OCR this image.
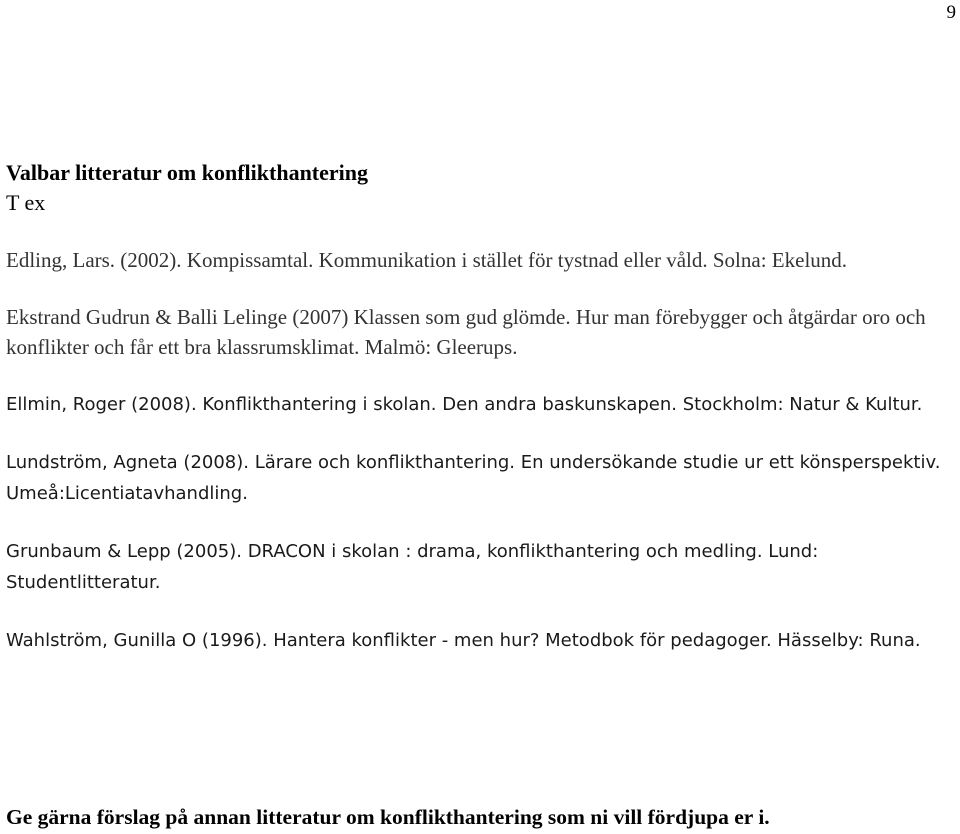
9

Valbar litteratur om konflikthantering

T ex

Edling, Lars. (2002). Kompissamtal. Kommunikation i stället för tystnad eller våld. Solna: Ekelund.

Ekstrand Gudrun & Balli Lelinge (2007) Klassen som gud glömde. Hur man förebygger och åtgärdar oro och konflikter och får ett bra klassrumsklimat. Malmö: Gleerups.

Ellmin, Roger (2008). Konflikthantering i skolan. Den andra baskunskapen. Stockholm: Natur & Kultur.

Lundström, Agneta (2008). Lärare och konflikthantering. En undersökande studie ur ett könsperspektiv. Umeå:Licentiatavhandling.

Grunbaum & Lepp (2005). DRACON i skolan : drama, konflikthantering och medling. Lund: Studentlitteratur.

Wahlström, Gunilla O (1996). Hantera konflikter - men hur? Metodbok för pedagoger. Hässelby: Runa.

Ge gärna förslag på annan litteratur om konflikthantering som ni vill fördjupa er i.
